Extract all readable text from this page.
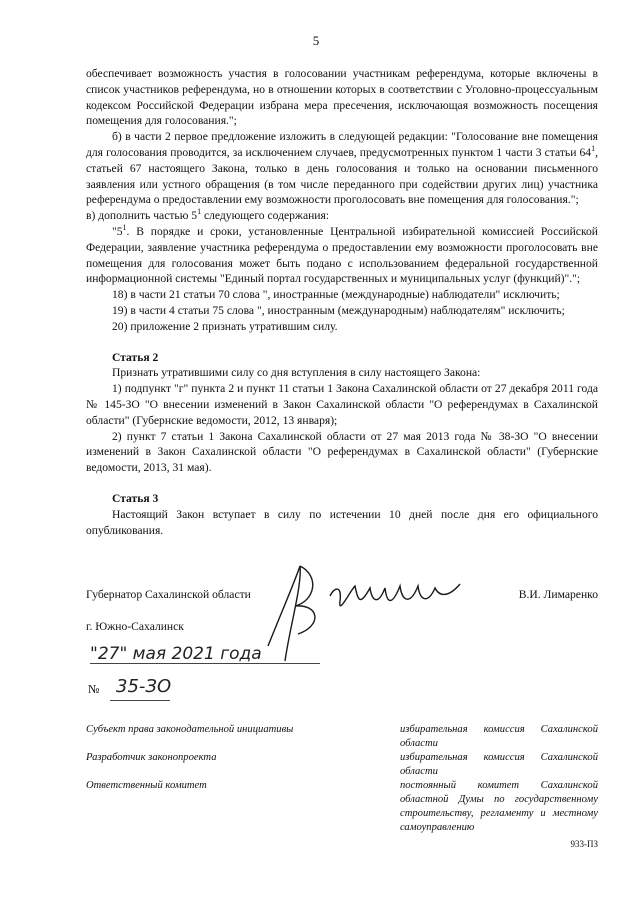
5

обеспечивает возможность участия в голосовании участникам референдума, которые включены в список участников референдума, но в отношении которых в соответствии с Уголовно-процессуальным кодексом Российской Федерации избрана мера пресечения, исключающая возможность посещения помещения для голосования.";

б) в части 2 первое предложение изложить в следующей редакции: "Голосование вне помещения для голосования проводится, за исключением случаев, предусмотренных пунктом 1 части 3 статьи $64^1$, статьей 67 настоящего Закона, только в день голосования и только на основании письменного заявления или устного обращения (в том числе переданного при содействии других лиц) участника референдума о предоставлении ему возможности проголосовать вне помещения для голосования.";

в) дополнить частью $5^1$ следующего содержания:

"$5^1$. В порядке и сроки, установленные Центральной избирательной комиссией Российской Федерации, заявление участника референдума о предоставлении ему возможности проголосовать вне помещения для голосования может быть подано с использованием федеральной государственной информационной системы "Единый портал государственных и муниципальных услуг (функций)".";

18) в части 21 статьи 70 слова ", иностранные (международные) наблюдатели" исключить;

19) в части 4 статьи 75 слова ", иностранным (международным) наблюдателям" исключить;

20) приложение 2 признать утратившим силу.

Статья 2

Признать утратившими силу со дня вступления в силу настоящего Закона:

1) подпункт "г" пункта 2 и пункт 11 статьи 1 Закона Сахалинской области от 27 декабря 2011 года № 145-ЗО "О внесении изменений в Закон Сахалинской области "О референдумах в Сахалинской области" (Губернские ведомости, 2012, 13 января);

2) пункт 7 статьи 1 Закона Сахалинской области от 27 мая 2013 года № 38-ЗО "О внесении изменений в Закон Сахалинской области "О референдумах в Сахалинской области" (Губернские ведомости, 2013, 31 мая).

Статья 3

Настоящий Закон вступает в силу по истечении 10 дней после дня его официального опубликования.

Губернатор Сахалинской области	В.И. Лимаренко
г. Южно-Сахалинск
"27" мая 2021 года
№ 35-ЗО
Субъект права законодательной инициативы	избирательная комиссия Сахалинской области
Разработчик законопроекта	избирательная комиссия Сахалинской области
Ответственный комитет	постоянный комитет Сахалинской областной Думы по государственному строительству, регламенту и местному самоуправлению
933-ПЗ
